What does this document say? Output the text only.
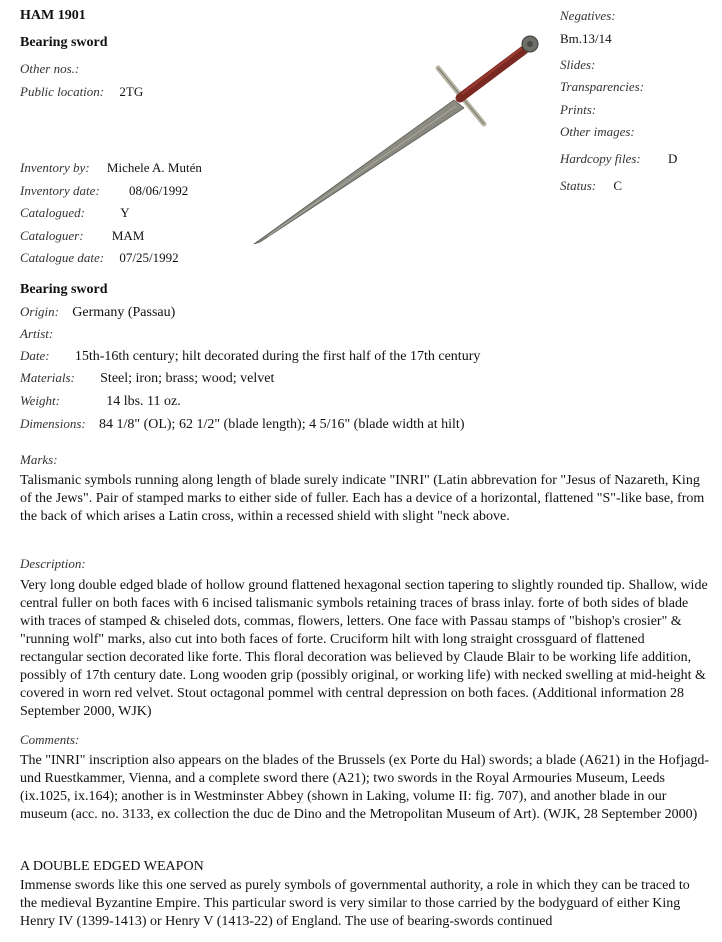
HAM 1901
Bearing sword
Other nos.:
Public location: 2TG
Inventory by: Michele A. Mutén
Inventory date: 08/06/1992
Catalogued:	Y
Cataloguer: MAM
Catalogue date: 07/25/1992
Negatives:
Bm.13/14
Slides:
Transparencies:
Prints:
Other images:
Hardcopy files: D
Status: C
Bearing sword
Origin: Germany (Passau)
Artist:
Date: 15th-16th century; hilt decorated during the first half of the 17th century
Materials: Steel; iron; brass; wood; velvet
Weight:	14 lbs. 11 oz.
Dimensions: 84 1/8" (OL); 62 1/2" (blade length); 4 5/16" (blade width at hilt)
Marks:
Talismanic symbols running along length of blade surely indicate "INRI" (Latin abbrevation for "Jesus of Nazareth, King of the Jews". Pair of stamped marks to either side of fuller. Each has a device of a horizontal, flattened "S"-like base, from the back of which arises a Latin cross, within a recessed shield with slight "neck above.
Description:
Very long double edged blade of hollow ground flattened hexagonal section tapering to slightly rounded tip. Shallow, wide central fuller on both faces with 6 incised talismanic symbols retaining traces of brass inlay. forte of both sides of blade with traces of stamped & chiseled dots, commas, flowers, letters. One face with Passau stamps of "bishop's crosier" & "running wolf" marks, also cut into both faces of forte. Cruciform hilt with long straight crossguard of flattened rectangular section decorated like forte. This floral decoration was believed by Claude Blair to be working life addition, possibly of 17th century date. Long wooden grip (possibly original, or working life) with necked swelling at mid-height & covered in worn red velvet. Stout octagonal pommel with central depression on both faces. (Additional information 28 September 2000, WJK)
Comments:
The "INRI" inscription also appears on the blades of the Brussels (ex Porte du Hal) swords; a blade (A621) in the Hofjagd- und Ruestkammer, Vienna, and a complete sword there (A21); two swords in the Royal Armouries Museum, Leeds (ix.1025, ix.164); another is in Westminster Abbey (shown in Laking, volume II: fig. 707), and another blade in our museum (acc. no. 3133, ex collection the duc de Dino and the Metropolitan Museum of Art). (WJK, 28 September 2000)
A DOUBLE EDGED WEAPON
Immense swords like this one served as purely symbols of governmental authority, a role in which they can be traced to the medieval Byzantine Empire. This particular sword is very similar to those carried by the bodyguard of either King Henry IV (1399-1413) or Henry V (1413-22) of England. The use of bearing-swords continued
